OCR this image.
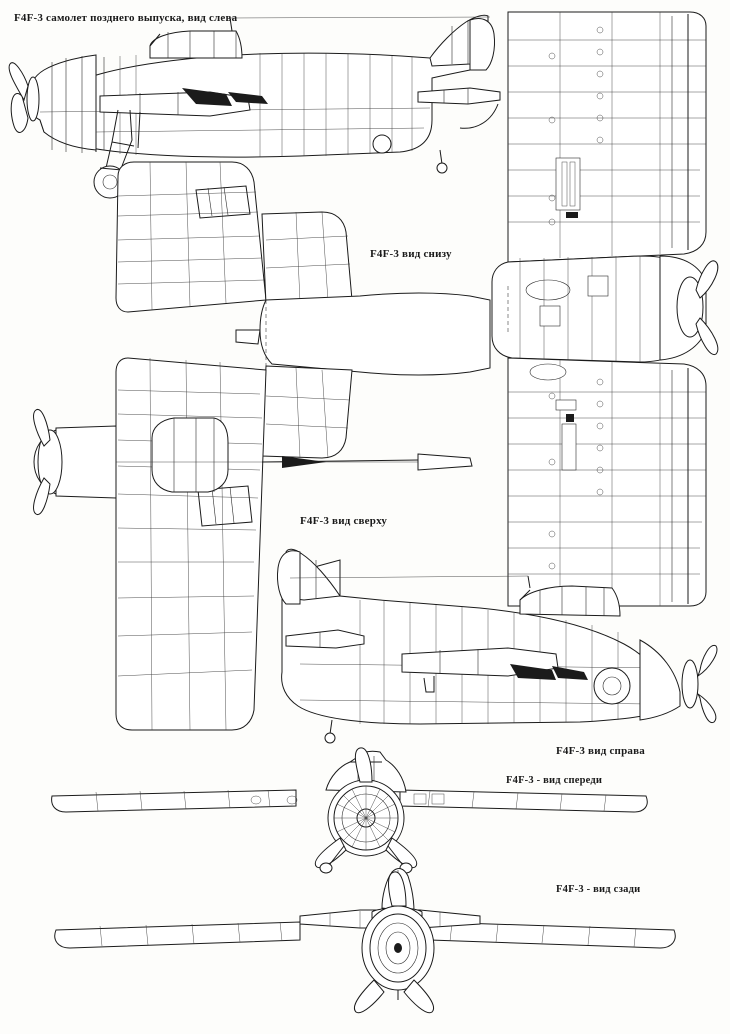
F4F-3 самолет позднего выпуска, вид слева
F4F-3 вид снизу
F4F-3 вид сверху
F4F-3 вид справа
F4F-3 - вид спереди
F4F-3 - вид сзади
